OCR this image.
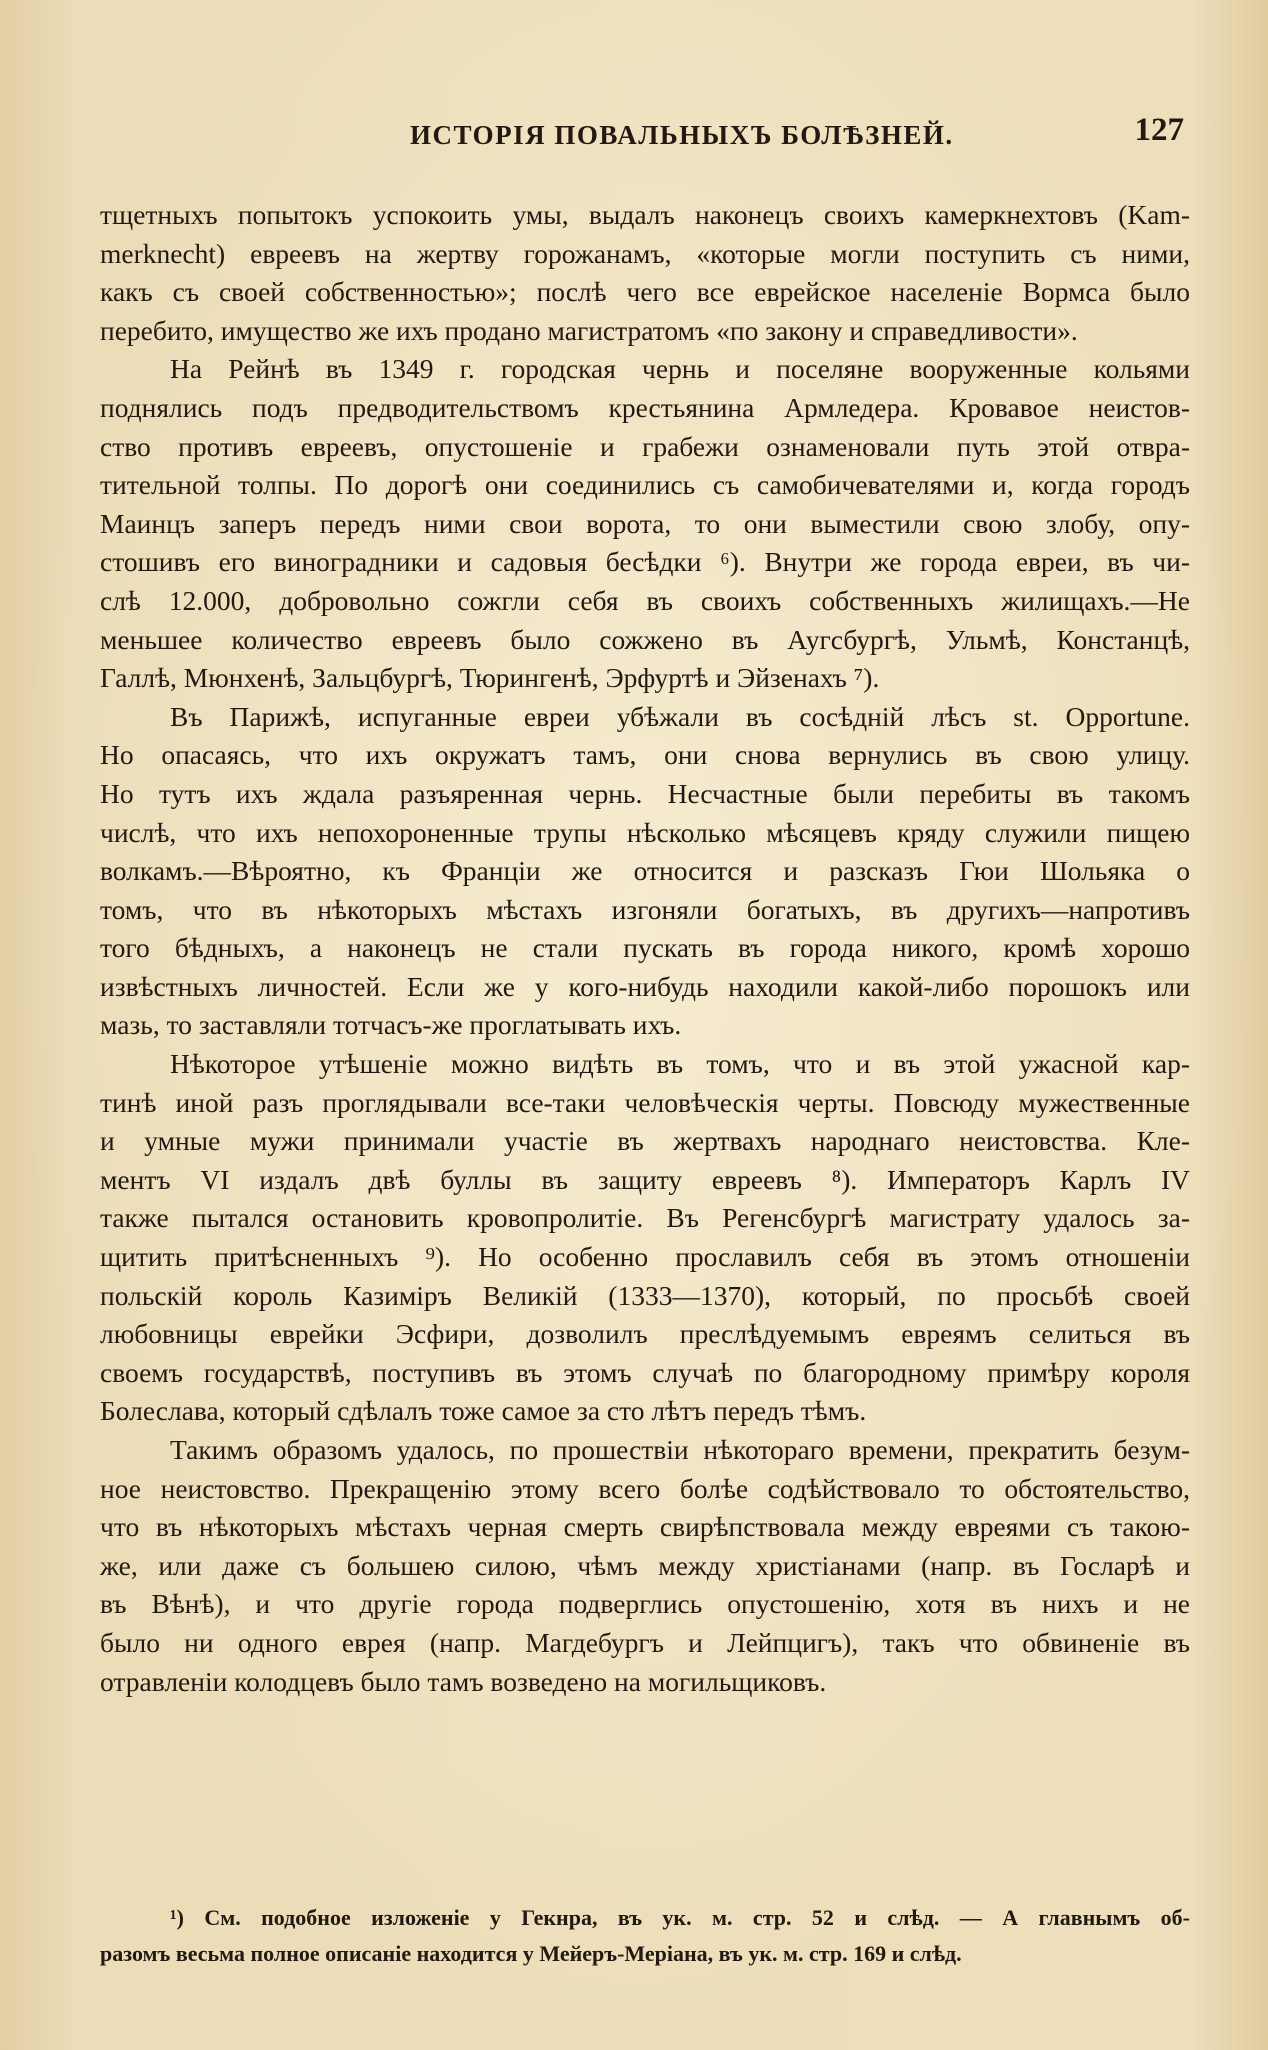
ИСТОРІЯ ПОВАЛЬНЫХЪ БОЛѢЗНЕЙ.	127
тщетныхъ попытокъ успокоить умы, выдалъ наконецъ своихъ камеркнехтовъ (Kam-
merknecht) евреевъ на жертву горожанамъ, «которые могли поступить съ ними,
какъ съ своей собственностью»; послѣ чего все еврейское населеніе Вормса было
перебито, имущество же ихъ продано магистратомъ «по закону и справедливости».
На Рейнѣ въ 1349 г. городская чернь и поселяне вооруженные кольями
поднялись подъ предводительствомъ крестьянина Армледера. Кровавое неистов-
ство противъ евреевъ, опустошеніе и грабежи ознаменовали путь этой отвра-
тительной толпы. По дорогѣ они соединились съ самобичевателями и, когда городъ
Маинцъ заперъ передъ ними свои ворота, то они выместили свою злобу, опу-
стошивъ его виноградники и садовыя бесѣдки ⁶). Внутри же города евреи, въ чи-
слѣ 12.000, добровольно сожгли себя въ своихъ собственныхъ жилищахъ.—Не
меньшее количество евреевъ было сожжено въ Аугсбургѣ, Ульмѣ, Констанцѣ,
Галлѣ, Мюнхенѣ, Зальцбургѣ, Тюрингенѣ, Эрфуртѣ и Эйзенахъ ⁷).
Въ Парижѣ, испуганные евреи убѣжали въ сосѣдній лѣсъ st. Opportune.
Но опасаясь, что ихъ окружатъ тамъ, они снова вернулись въ свою улицу.
Но тутъ ихъ ждала разъяренная чернь. Несчастные были перебиты въ такомъ
числѣ, что ихъ непохороненные трупы нѣсколько мѣсяцевъ кряду служили пищею
волкамъ.—Вѣроятно, къ Франціи же относится и разсказъ Гюи Шольяка о
томъ, что въ нѣкоторыхъ мѣстахъ изгоняли богатыхъ, въ другихъ—напротивъ
того бѣдныхъ, а наконецъ не стали пускать въ города никого, кромѣ хорошо
извѣстныхъ личностей. Если же у кого-нибудь находили какой-либо порошокъ или
мазь, то заставляли тотчасъ-же проглатывать ихъ.
Нѣкоторое утѣшеніе можно видѣть въ томъ, что и въ этой ужасной кар-
тинѣ иной разъ проглядывали все-таки человѣческія черты. Повсюду мужественные
и умные мужи принимали участіе въ жертвахъ народнаго неистовства. Кле-
ментъ VI издалъ двѣ буллы въ защиту евреевъ ⁸). Императоръ Карлъ IV
также пытался остановить кровопролитіе. Въ Регенсбургѣ магистрату удалось за-
щитить притѣсненныхъ ⁹). Но особенно прославилъ себя въ этомъ отношеніи
польскій король Казиміръ Великій (1333—1370), который, по просьбѣ своей
любовницы еврейки Эсфири, дозволилъ преслѣдуемымъ евреямъ селиться въ
своемъ государствѣ, поступивъ въ этомъ случаѣ по благородному примѣру короля
Болеслава, который сдѣлалъ тоже самое за сто лѣтъ передъ тѣмъ.
Такимъ образомъ удалось, по прошествіи нѣкотораго времени, прекратить безум-
ное неистовство. Прекращенію этому всего болѣе содѣйствовало то обстоятельство,
что въ нѣкоторыхъ мѣстахъ черная смерть свирѣпствовала между евреями съ такою-
же, или даже съ большею силою, чѣмъ между христіанами (напр. въ Госларѣ и
въ Вѣнѣ), и что другіе города подверглись опустошенію, хотя въ нихъ и не
было ни одного еврея (напр. Магдебургъ и Лейпцигъ), такъ что обвиненіе въ
отравленіи колодцевъ было тамъ возведено на могильщиковъ.
¹) См. подобное изложеніе у Гекнра, въ ук. м. стр. 52 и слѣд. — А главнымъ об-
разомъ весьма полное описаніе находится у Мейеръ-Меріана, въ ук. м. стр. 169 и слѣд.
